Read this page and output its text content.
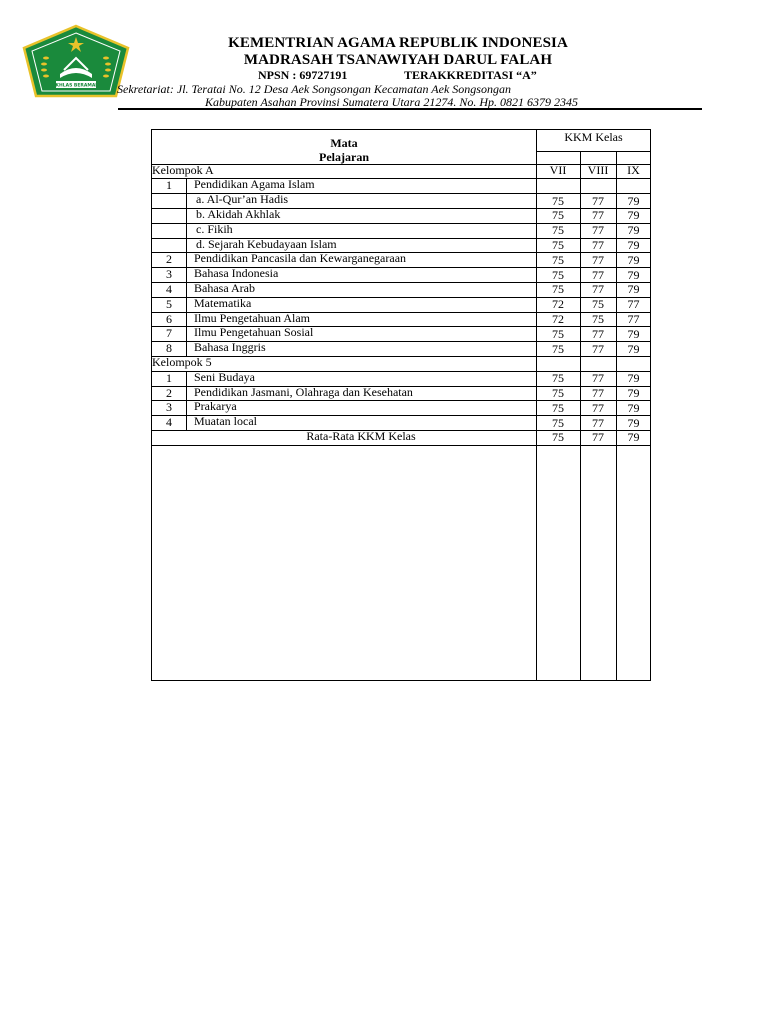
IKHLAS BERAMAL
KEMENTRIAN AGAMA REPUBLIK INDONESIA
MADRASAH TSANAWIYAH DARUL FALAH
NPSN : 69727191	TERAKKREDITASI “A”
Sekretariat: Jl. Teratai No. 12 Desa Aek Songsongan Kecamatan Aek Songsongan
Kabupaten Asahan Provinsi Sumatera Utara 21274. No. Hp. 0821 6379 2345
Mata
Pelajaran
KKM Kelas
VII	VIII	IX
Kelompok A
1	Pendidikan Agama Islam
a. Al-Qur’an Hadis	75	77	79
b. Akidah Akhlak	75	77	79
c. Fikih	75	77	79
d. Sejarah Kebudayaan Islam	75	77	79
2	Pendidikan Pancasila dan Kewarganegaraan	75	77	79
3	Bahasa Indonesia	75	77	79
4	Bahasa Arab	75	77	79
5	Matematika	72	75	77
6	Ilmu Pengetahuan Alam	72	75	77
7	Ilmu Pengetahuan Sosial	75	77	79
8	Bahasa Inggris	75	77	79
Kelompok 5
1	Seni Budaya	75	77	79
2	Pendidikan Jasmani, Olahraga dan Kesehatan	75	77	79
3	Prakarya	75	77	79
4	Muatan local	75	77	79
Rata-Rata KKM Kelas	75	77	79
